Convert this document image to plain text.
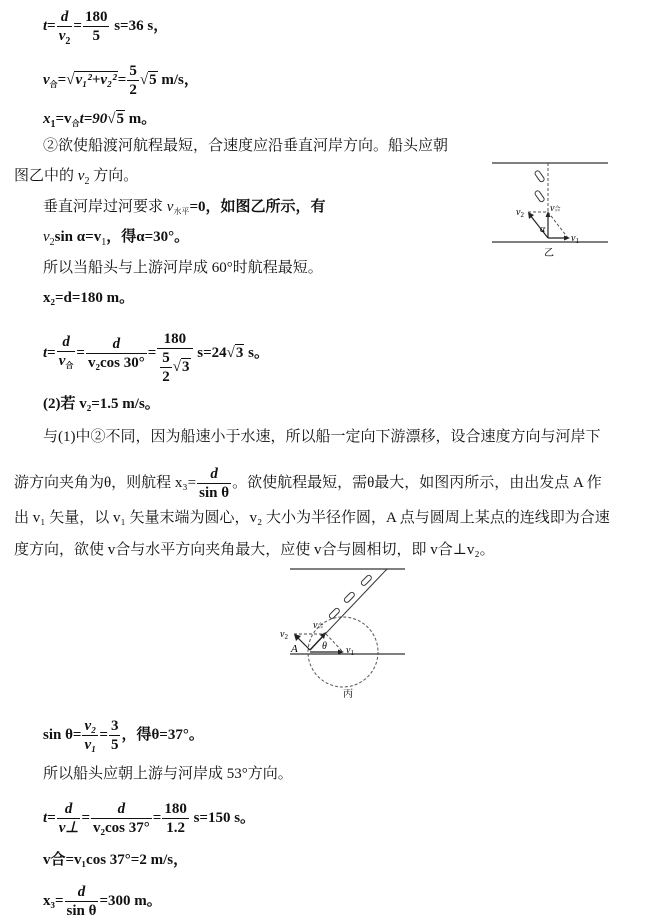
$t= \frac{d}{v_2} = \frac{180}{5} s=36$ s，
$v_合=√v_1^2+v_2^2= \frac{5}{2} √5$ m/s，
$x_1=v_合t=90√5$ m。
②欲使船渡河航程最短，合速度应沿垂直河岸方向。船头应朝
图乙中的 $v_2$ 方向。
垂直河岸过河要求 $v_{水平}=0$，如图乙所示，有
$v_2\sin$ $\alpha=v_1$，得α=30°。
所以当船头与上游河岸成 60°时航程最短。
x₂=d=180 m。
$t= \frac{d}{v_合} = \frac{d}{\text{v₂cos 30°}} = \frac{180}{\frac{5}{2} √3} s=24√3$ s。
(2)若 v₂=1.5 m/s。
与(1)中②不同，因为船速小于水速，所以船一定向下游漂移，设合速度方向与河岸下
游方向夹角为θ，则航程 $x_3= \frac{d}{\text{sin θ}}$ 。欲使航程最短，需θ最大，如图丙所示，由出发点 A 作
出 v₁ 矢量，以 v₁ 矢量末端为圆心，v₂ 大小为半径作圆，A 点与圆周上某点的连线即为合速
度方向，欲使 v合与水平方向夹角最大，应使 v合与圆相切，即 v合⊥v₂。
$\sin \theta= \frac{\text{v₂}}{\text{v₁}} = \frac{3}{5}$ ，得θ=37°。
所以船头应朝上游与河岸成 53°方向。
$t= \frac{d}{v\perp} = \frac{d}{\text{v₂cos 37°}} = \frac{180}{1.2} s=150$ s。
v合=v₁cos 37°=2 m/s，
$x_3= \frac{d}{\text{sin θ}} =300$ m。
$v_2$
v合
α
$v_1$
乙
v合
$v_2$
A θ $v_1$
丙
